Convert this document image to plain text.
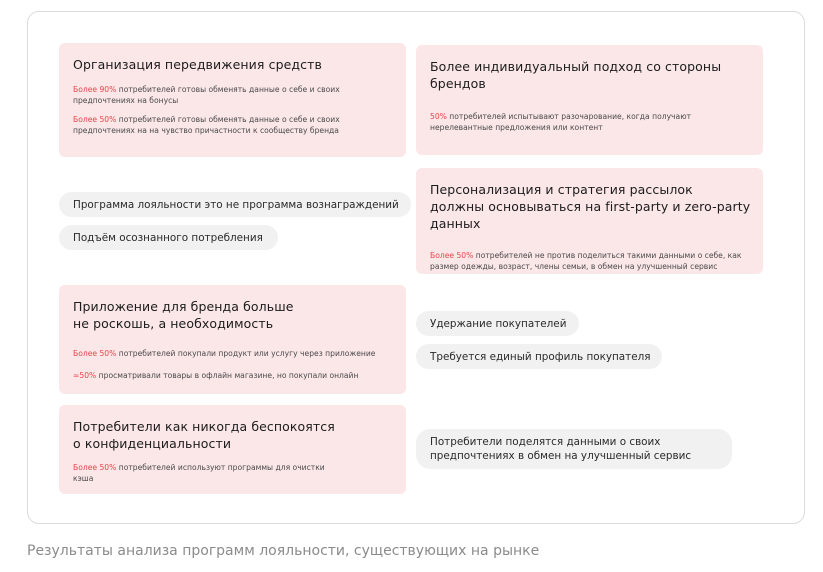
Организация передвижения средств
Более 90% потребителей готовы обменять данные о себе и своих предпочтениях на бонусы
Более 50% потребителей готовы обменять данные о себе и своих предпочтениях на на чувство причастности к сообществу бренда
Более индивидуальный подход со стороны брендов
50% потребителей испытывают разочарование, когда получают нерелевантные предложения или контент
Программа лояльности это не программа вознаграждений
Подъём осознанного потребления
Персонализация и стратегия рассылок должны основываться на first-party и zero-party данных
Более 50% потребителей не против поделиться такими данными о себе, как размер одежды, возраст, члены семьи, в обмен на улучшенный сервис
Приложение для бренда больше не роскошь, а необходимость
Более 50% потребителей покупали продукт или услугу через приложение
≈50% просматривали товары в офлайн магазине, но покупали онлайн
Удержание покупателей
Требуется единый профиль покупателя
Потребители как никогда беспокоятся о конфиденциальности
Более 50% потребителей используют программы для очистки кэша
Потребители поделятся данными о своих предпочтениях в обмен на улучшенный сервис
Результаты анализа программ лояльности, существующих на рынке
